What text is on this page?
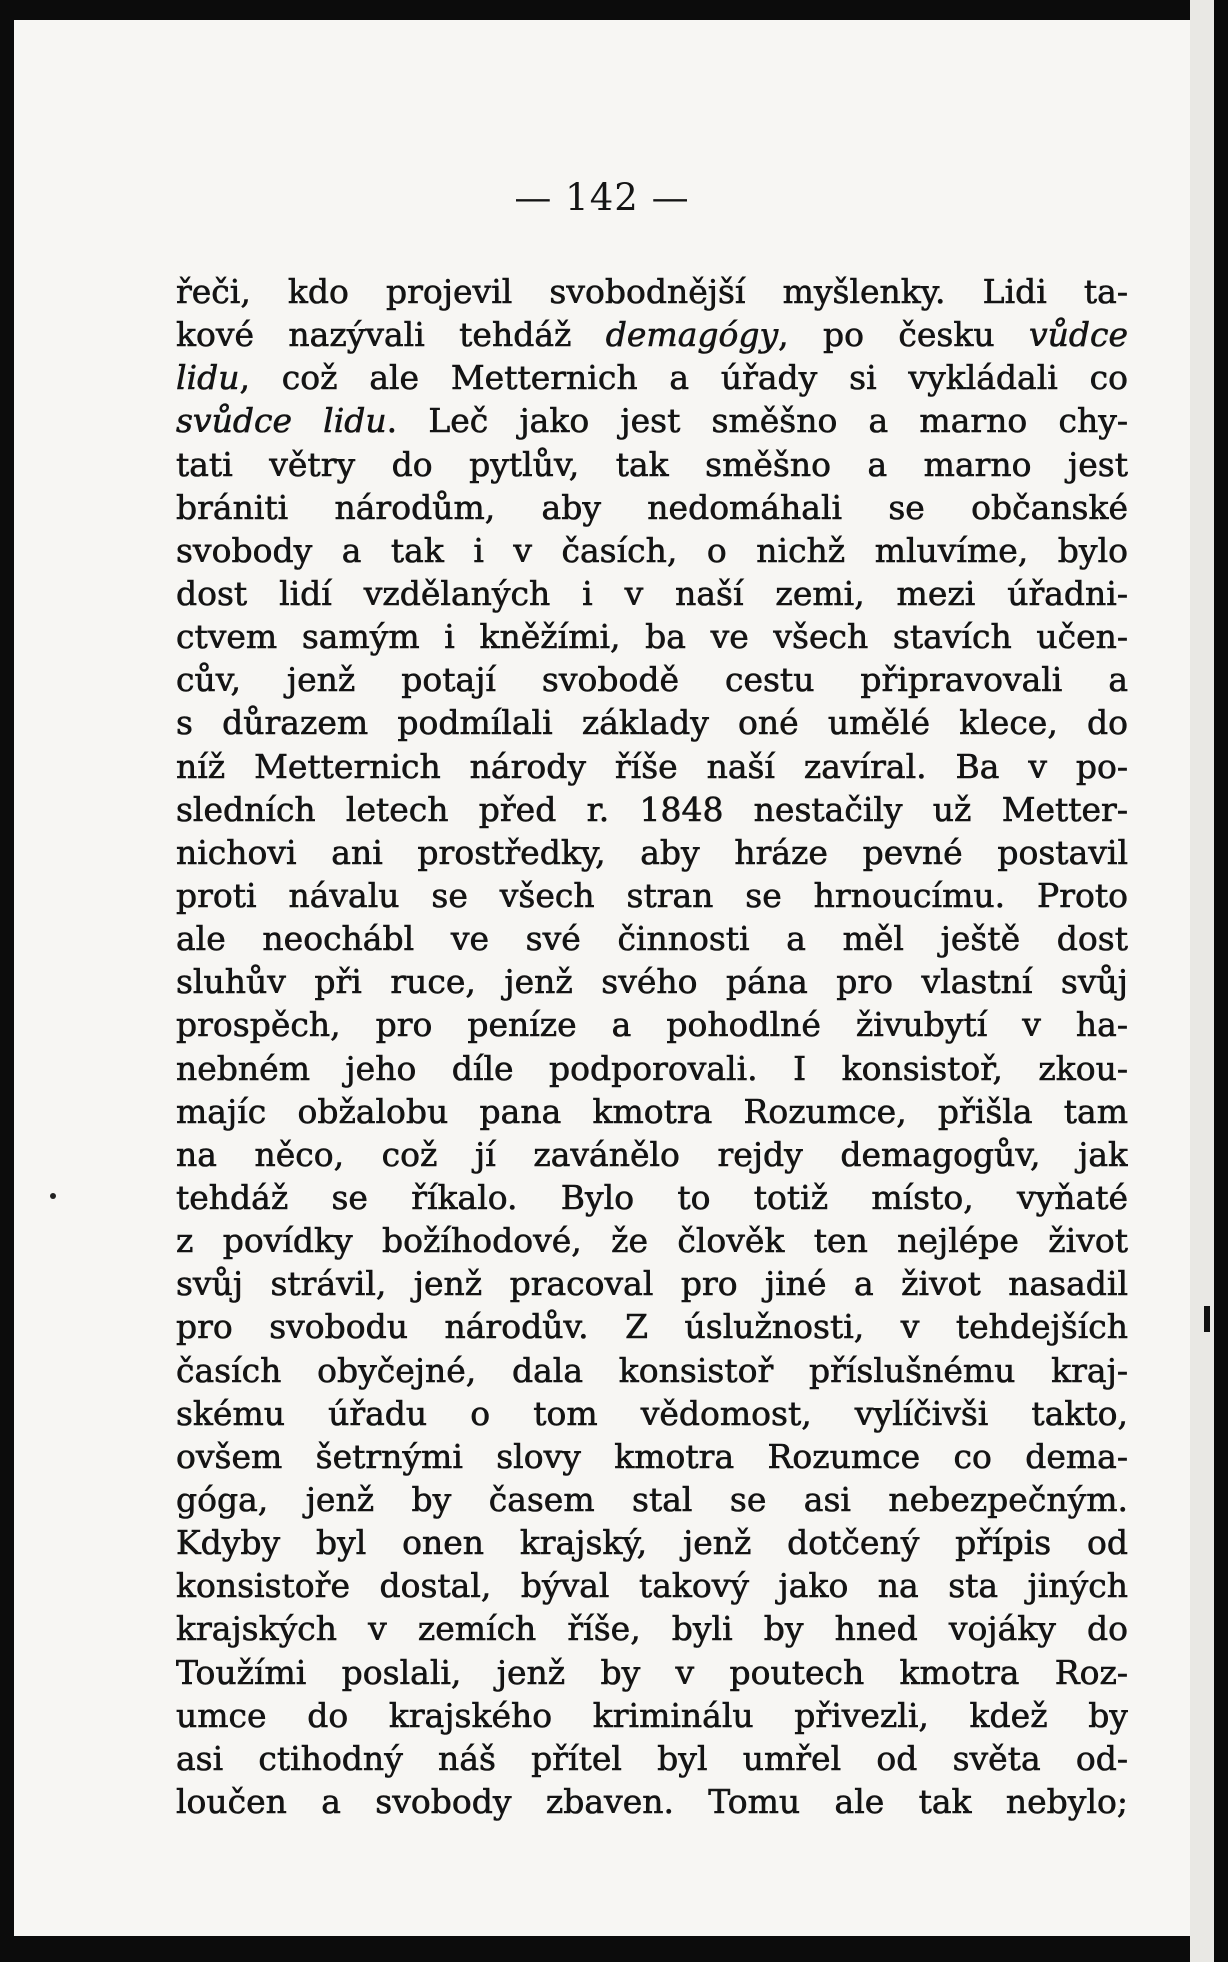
— 142 —
řeči, kdo projevil svobodnější myšlenky. Lidi ta-
kové nazývali tehdáž demagógy, po česku vůdce
lidu, což ale Metternich a úřady si vykládali co
svůdce lidu. Leč jako jest směšno a marno chy-
tati větry do pytlův, tak směšno a marno jest
brániti národům, aby nedomáhali se občanské
svobody a tak i v časích, o nichž mluvíme, bylo
dost lidí vzdělaných i v naší zemi, mezi úřadni-
ctvem samým i kněžími, ba ve všech stavích učen-
cův, jenž potají svobodě cestu připravovali a
s důrazem podmílali základy oné umělé klece, do
níž Metternich národy říše naší zavíral. Ba v po-
sledních letech před r. 1848 nestačily už Metter-
nichovi ani prostředky, aby hráze pevné postavil
proti návalu se všech stran se hrnoucímu. Proto
ale neochábl ve své činnosti a měl ještě dost
sluhův při ruce, jenž svého pána pro vlastní svůj
prospěch, pro peníze a pohodlné živubytí v ha-
nebném jeho díle podporovali. I konsistoř, zkou-
majíc obžalobu pana kmotra Rozumce, přišla tam
na něco, což jí zavánělo rejdy demagogův, jak
tehdáž se říkalo. Bylo to totiž místo, vyňaté
z povídky božíhodové, že člověk ten nejlépe život
svůj strávil, jenž pracoval pro jiné a život nasadil
pro svobodu národův. Z úslužnosti, v tehdejších
časích obyčejné, dala konsistoř příslušnému kraj-
skému úřadu o tom vědomost, vylíčivši takto,
ovšem šetrnými slovy kmotra Rozumce co dema-
góga, jenž by časem stal se asi nebezpečným.
Kdyby byl onen krajský, jenž dotčený přípis od
konsistoře dostal, býval takový jako na sta jiných
krajských v zemích říše, byli by hned vojáky do
Toužími poslali, jenž by v poutech kmotra Roz-
umce do krajského kriminálu přivezli, kdež by
asi ctihodný náš přítel byl umřel od světa od-
loučen a svobody zbaven. Tomu ale tak nebylo;
